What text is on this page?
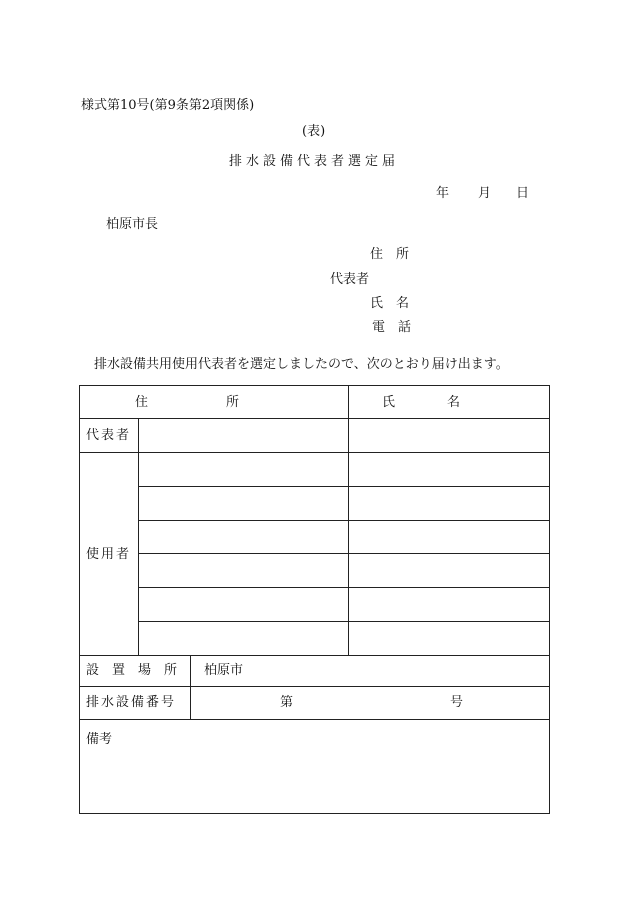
様式第10号(第9条第2項関係)
(表)
排水設備代表者選定届
年 月 日
柏原市長
住　所
代表者
氏　名
電　話
排水設備共用使用代表者を選定しましたので、次のとおり届け出ます。
住　　　　　　所	氏　　　　名
代表者
使用者
設　置　場　所 柏原市
排水設備番号	第	号
備考
